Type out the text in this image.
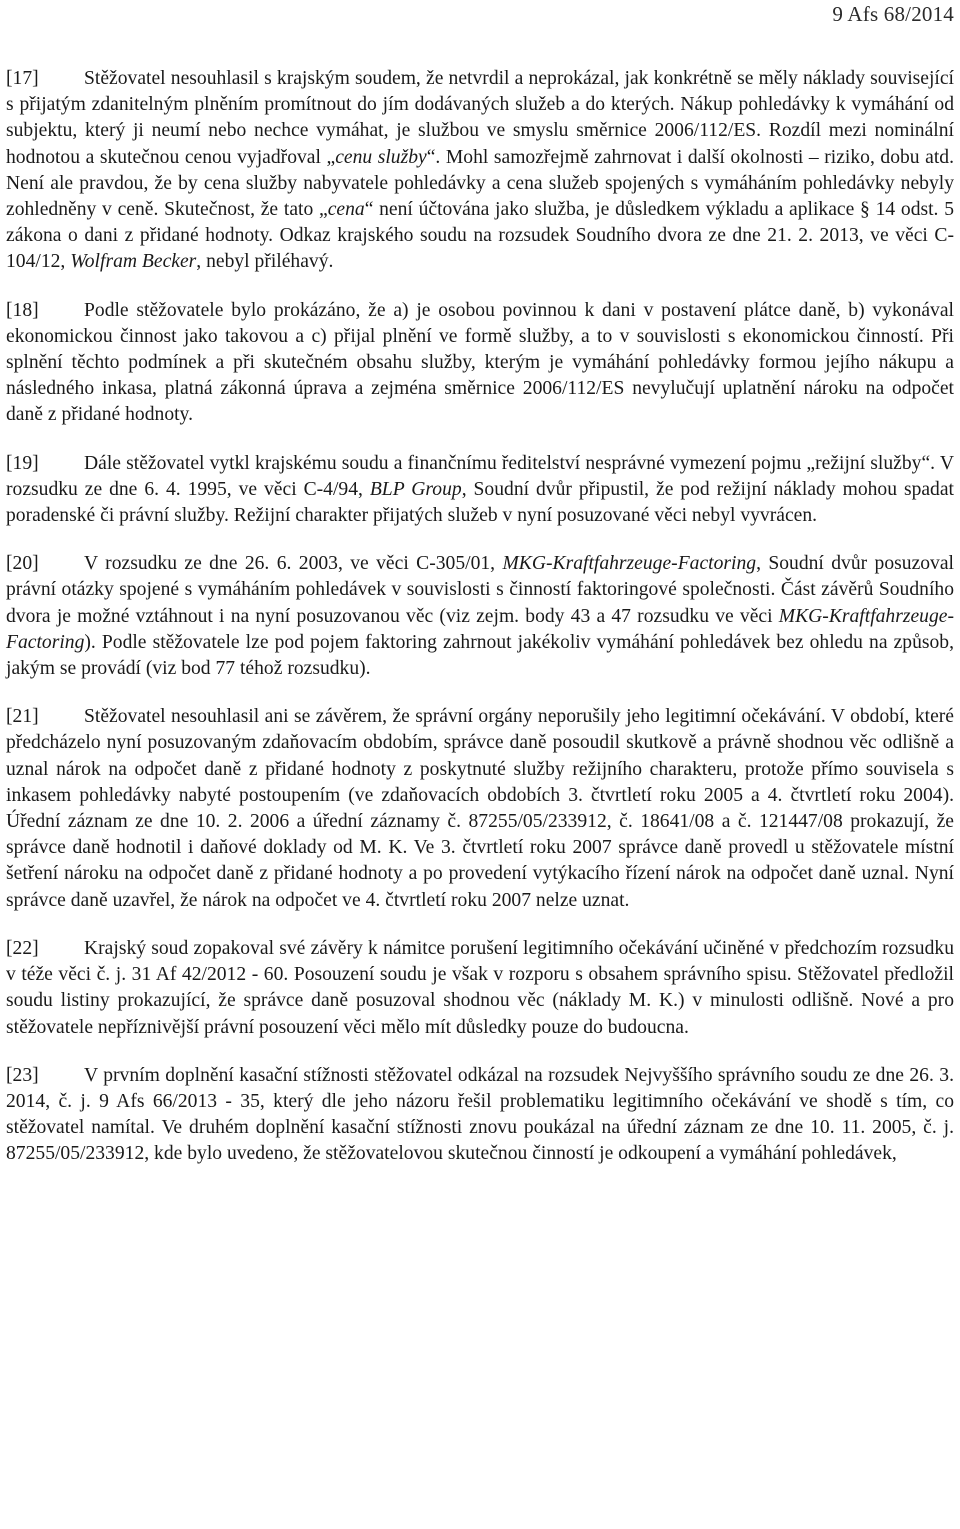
9 Afs 68/2014

[17] Stěžovatel nesouhlasil s krajským soudem, že netvrdil a neprokázal, jak konkrétně se měly náklady související s přijatým zdanitelným plněním promítnout do jím dodávaných služeb a do kterých. Nákup pohledávky k vymáhání od subjektu, který ji neumí nebo nechce vymáhat, je službou ve smyslu směrnice 2006/112/ES. Rozdíl mezi nominální hodnotou a skutečnou cenou vyjadřoval „cenu služby“. Mohl samozřejmě zahrnovat i další okolnosti – riziko, dobu atd. Není ale pravdou, že by cena služby nabyvatele pohledávky a cena služeb spojených s vymáháním pohledávky nebyly zohledněny v ceně. Skutečnost, že tato „cena“ není účtována jako služba, je důsledkem výkladu a aplikace § 14 odst. 5 zákona o dani z přidané hodnoty. Odkaz krajského soudu na rozsudek Soudního dvora ze dne 21. 2. 2013, ve věci C-104/12, Wolfram Becker, nebyl přiléhavý.

[18] Podle stěžovatele bylo prokázáno, že a) je osobou povinnou k dani v postavení plátce daně, b) vykonával ekonomickou činnost jako takovou a c) přijal plnění ve formě služby, a to v souvislosti s ekonomickou činností. Při splnění těchto podmínek a při skutečném obsahu služby, kterým je vymáhání pohledávky formou jejího nákupu a následného inkasa, platná zákonná úprava a zejména směrnice 2006/112/ES nevylučují uplatnění nároku na odpočet daně z přidané hodnoty.

[19] Dále stěžovatel vytkl krajskému soudu a finančnímu ředitelství nesprávné vymezení pojmu „režijní služby“. V rozsudku ze dne 6. 4. 1995, ve věci C-4/94, BLP Group, Soudní dvůr připustil, že pod režijní náklady mohou spadat poradenské či právní služby. Režijní charakter přijatých služeb v nyní posuzované věci nebyl vyvrácen.

[20] V rozsudku ze dne 26. 6. 2003, ve věci C-305/01, MKG-Kraftfahrzeuge-Factoring, Soudní dvůr posuzoval právní otázky spojené s vymáháním pohledávek v souvislosti s činností faktoringové společnosti. Část závěrů Soudního dvora je možné vztáhnout i na nyní posuzovanou věc (viz zejm. body 43 a 47 rozsudku ve věci MKG-Kraftfahrzeuge-Factoring). Podle stěžovatele lze pod pojem faktoring zahrnout jakékoliv vymáhání pohledávek bez ohledu na způsob, jakým se provádí (viz bod 77 téhož rozsudku).

[21] Stěžovatel nesouhlasil ani se závěrem, že správní orgány neporušily jeho legitimní očekávání. V období, které předcházelo nyní posuzovaným zdaňovacím obdobím, správce daně posoudil skutkově a právně shodnou věc odlišně a uznal nárok na odpočet daně z přidané hodnoty z poskytnuté služby režijního charakteru, protože přímo souvisela s inkasem pohledávky nabyté postoupením (ve zdaňovacích obdobích 3. čtvrtletí roku 2005 a 4. čtvrtletí roku 2004). Úřední záznam ze dne 10. 2. 2006 a úřední záznamy č. 87255/05/233912, č. 18641/08 a č. 121447/08 prokazují, že správce daně hodnotil i daňové doklady od M. K. Ve 3. čtvrtletí roku 2007 správce daně provedl u stěžovatele místní šetření nároku na odpočet daně z přidané hodnoty a po provedení vytýkacího řízení nárok na odpočet daně uznal. Nyní správce daně uzavřel, že nárok na odpočet ve 4. čtvrtletí roku 2007 nelze uznat.

[22] Krajský soud zopakoval své závěry k námitce porušení legitimního očekávání učiněné v předchozím rozsudku v téže věci č. j. 31 Af 42/2012 - 60. Posouzení soudu je však v rozporu s obsahem správního spisu. Stěžovatel předložil soudu listiny prokazující, že správce daně posuzoval shodnou věc (náklady M. K.) v minulosti odlišně. Nové a pro stěžovatele nepříznivější právní posouzení věci mělo mít důsledky pouze do budoucna.

[23] V prvním doplnění kasační stížnosti stěžovatel odkázal na rozsudek Nejvyššího správního soudu ze dne 26. 3. 2014, č. j. 9 Afs 66/2013 - 35, který dle jeho názoru řešil problematiku legitimního očekávání ve shodě s tím, co stěžovatel namítal. Ve druhém doplnění kasační stížnosti znovu poukázal na úřední záznam ze dne 10. 11. 2005, č. j. 87255/05/233912, kde bylo uvedeno, že stěžovatelovou skutečnou činností je odkoupení a vymáhání pohledávek,
